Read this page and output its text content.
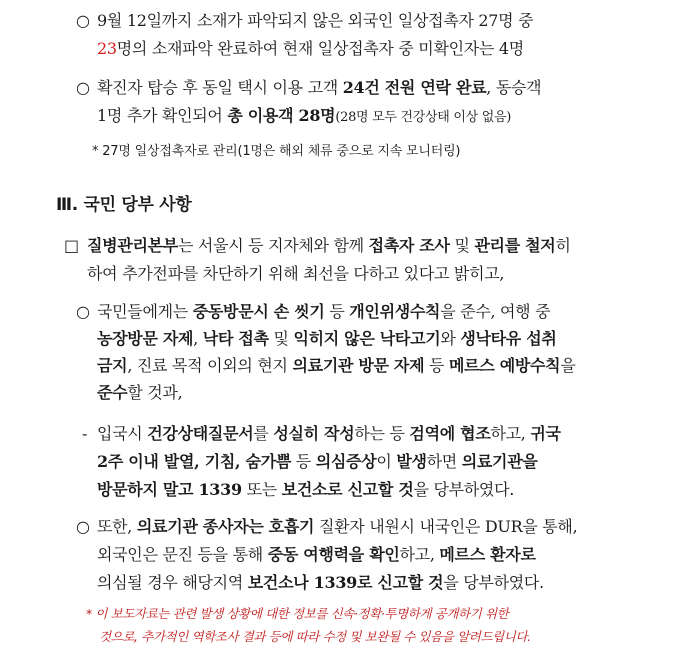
○ 9월 12일까지 소재가 파악되지 않은 외국인 일상접촉자 27명 중
23명의 소재파악 완료하여 현재 일상접촉자 중 미확인자는 4명
○ 확진자 탑승 후 동일 택시 이용 고객 24건 전원 연락 완료, 동승객
1명 추가 확인되어 총 이용객 28명(28명 모두 건강상태 이상 없음)
* 27명 일상접촉자로 관리(1명은 해외 체류 중으로 지속 모니터링)
Ⅲ. 국민 당부 사항
□ 질병관리본부는 서울시 등 지자체와 함께 접촉자 조사 및 관리를 철저히
하여 추가전파를 차단하기 위해 최선을 다하고 있다고 밝히고,
○ 국민들에게는 중동방문시 손 씻기 등 개인위생수칙을 준수, 여행 중
농장방문 자제, 낙타 접촉 및 익히지 않은 낙타고기와 생낙타유 섭취
금지, 진료 목적 이외의 현지 의료기관 방문 자제 등 메르스 예방수칙을
준수할 것과,
- 입국시 건강상태질문서를 성실히 작성하는 등 검역에 협조하고, 귀국
2주 이내 발열, 기침, 숨가쁨 등 의심증상이 발생하면 의료기관을
방문하지 말고 1339 또는 보건소로 신고할 것을 당부하였다.
○ 또한, 의료기관 종사자는 호흡기 질환자 내원시 내국인은 DUR을 통해,
외국인은 문진 등을 통해 중동 여행력을 확인하고, 메르스 환자로
의심될 경우 해당지역 보건소나 1339로 신고할 것을 당부하였다.
* 이 보도자료는 관련 발생 상황에 대한 정보를 신속·정확·투명하게 공개하기 위한
것으로, 추가적인 역학조사 결과 등에 따라 수정 및 보완될 수 있음을 알려드립니다.
